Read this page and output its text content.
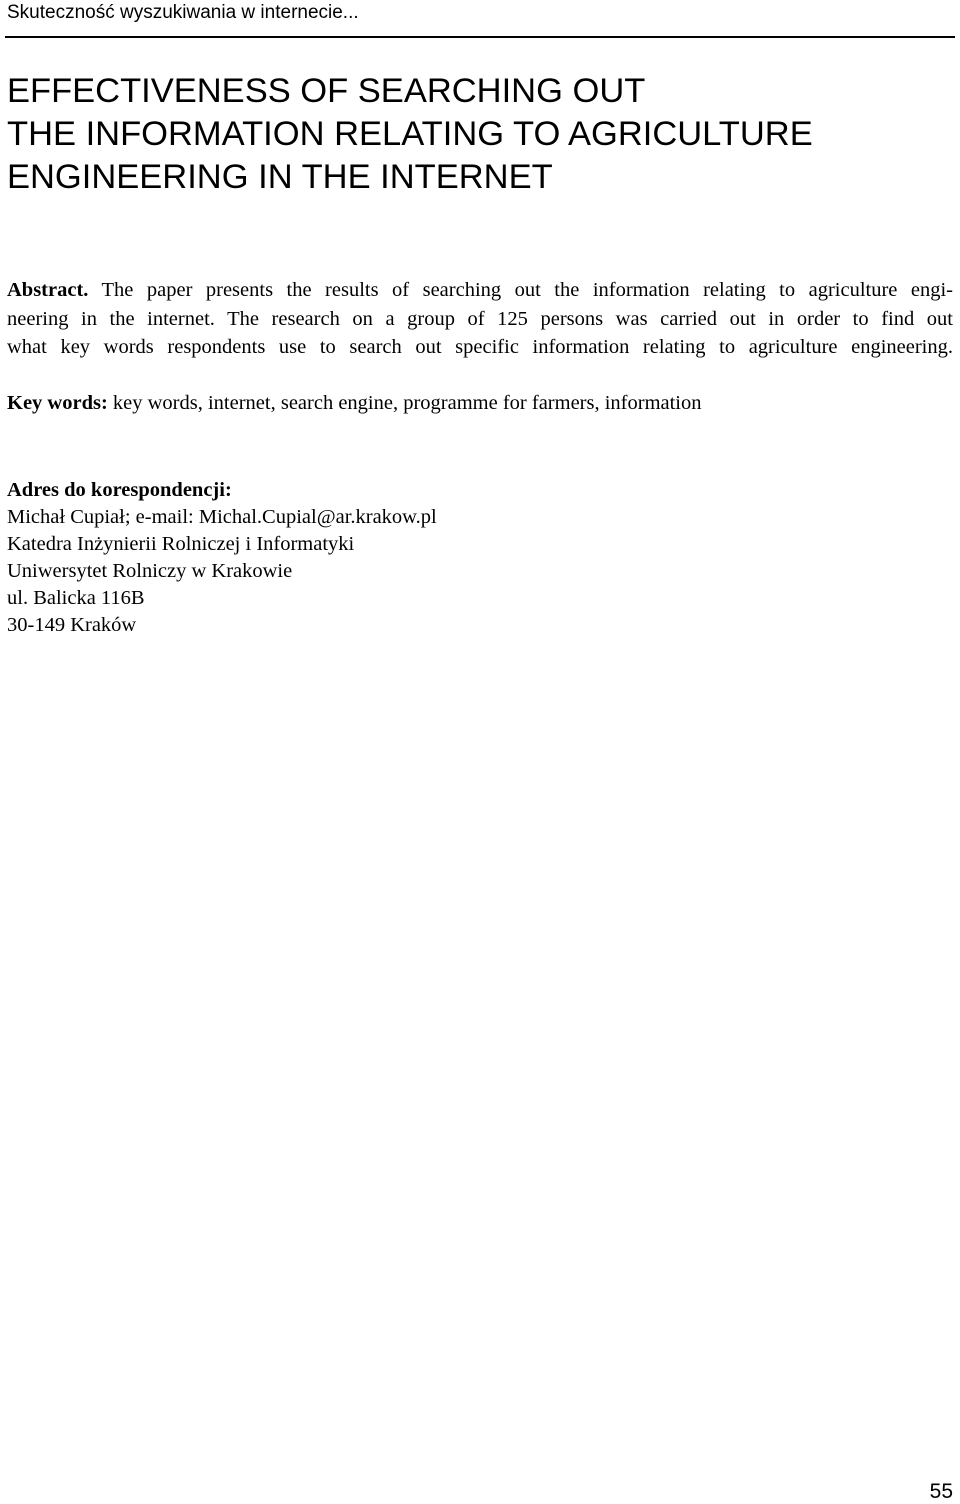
Skuteczność wyszukiwania w internecie...
EFFECTIVENESS OF SEARCHING OUT
THE INFORMATION RELATING TO AGRICULTURE
ENGINEERING IN THE INTERNET
Abstract. The paper presents the results of searching out the information relating to agriculture engi-
neering in the internet. The research on a group of 125 persons was carried out in order to find out
what key words respondents use to search out specific information relating to agriculture engineering.
Key words: key words, internet, search engine, programme for farmers, information
Adres do korespondencji:
Michał Cupiał; e-mail: Michal.Cupial@ar.krakow.pl
Katedra Inżynierii Rolniczej i Informatyki
Uniwersytet Rolniczy w Krakowie
ul. Balicka 116B
30-149 Kraków
55
